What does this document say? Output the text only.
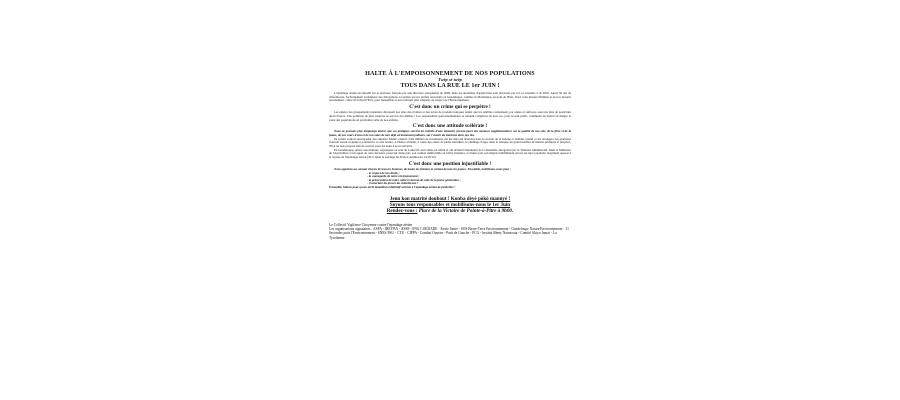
HALTE À L'EMPOISONNEMENT DE NOS POPULATIONS
Twèp sé twèp
TOUS DANS LA RUE LE 1er JUIN !
L'épandage aérien est interdit sur le territoire français par une directive européenne de 2009, mais les modalités d'application sont précisées par la Loi Grenelle 2 de 2010. Après 30 ans de chlordécone, l'acharnement scandaleux des dérogations accordées par les préfets successifs en Guadeloupe, comme en Martinique, au nom de l'Etat, Voici cette mesure illimitée et de nos devenir aucunement, collectif d'abord l'Etat, pour l'ensemble et des relations plus adaptées au respect de l'Environnement.
C'est donc un crime qui se perpètre !
Les enjeux des groupements bananiers dévastent nos sites des rivières et des terres de produits toxiques tandis que les Antilles connaissent, par ondes et surfaces, tous très plus de pesticides qu'en France. Une pollution de plus toujours au service des mêmes ! Les responsables gouvernementaux se rendent complices de tous ces, pour le seul profit, continuent de mettre en danger la santé des populations en particulier celle de nos enfants.
C'est donc une attitude scélérate !
Nous ne pouvons plus longtemps tolérer que ces pratiques servent les intérêts d'une minorité, fassent peser des menaces supplémentaires sur la qualité de nos sols, de la flore et de la faune, de nos cours d'eau et de nos eaux de mer déjà sérieusement polluées, sur l'avenir du tourisme dans nos îles.
Ils savent vouloir sauvegarder des emplois. Manti a manti ! Des milliers de travailleurs ont été déjà été licenciés dans le secteur de la banane et demain, quand ça les arrangera, les planteurs n'auront aucun scrupule à poursuivre ce sale boulot. A l'heure actuelle, à cause des zones de pêche interdites, le chômage frappe dans la détresse un grand nombre de marins-pêcheurs et jusqu'ici, l'Etat ne leur propose rien de concret pour les aider à se reconvertir.
En Guadeloupe, quatre associations, regroupées au sein du Collectif, sont allées en référé et ont obtenu l'annulation de la deuxième dérogation par le Tribunal administratif. Mais le Ministère de l'Agriculture a fait appel de cette décision, prouvant d'une part, son soutien indéfectible au lobby bananier, et d'autre part son mépris indéfiniment envers un rejet populaire largement opposé à la reprise de l'épandage aérien (45% selon le sondage du France-Antilles du 14/10/12).
C'est donc une position injustifiable !
Nous appelons au sursaut citoyen de tous les hommes, de toutes les femmes et surtout de tous les jeunes. Ensemble, mobilisons-nous pour :
- le respect de nos droits ;
- la sauvegarde de notre environnement ;
- la préservation de notre santé et surtout de celle de la jeune génération ;
- l'ouverture du procès du chlordécone !
Ensemble, luttons pour qu'un arrêt immédiat et définitif soit mis à l'épandage aérien de pesticides !
Jenn kon matrité doubout ! Konba dèyè pòkò mannyé !
Soyons tous responsables et mobilisons-nous le 1er Juin
Rendez-vous : Place de la Victoire de Pointe-à-Pitre à 9h00.
Le Collectif Vigilance Citoyenne contre l'épandage aérien
Les organisations signataires : ASFA - IREYBA - ASSE- ONG COEDADE - Envie Santé - SOS Basse-Terre Environnement - Guadeloupe Nature Environnement - 11 Secondes pour l'Environnement - SNES FSU - CTU - CIPPA - Combat Ouvrier - Parti de Gauche - PCG - Institut Rémy Nainsouta - Comité Akiyo Jamaï - La Tyrolienne
